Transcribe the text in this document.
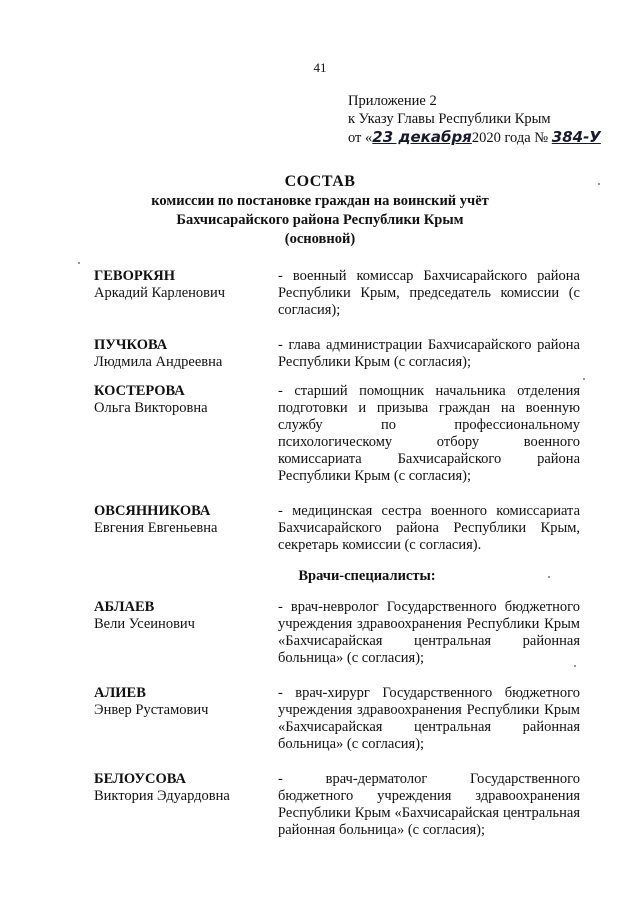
41
Приложение 2
к Указу Главы Республики Крым
от «23 декабря2020 года № 384-У
СОСТАВ
комиссии по постановке граждан на воинский учёт
Бахчисарайского района Республики Крым
(основной)
ГЕВОРКЯН
Аркадий Карленович
- военный комиссар Бахчисарайского района Республики Крым, председатель комиссии (с согласия);
ПУЧКОВА
Людмила Андреевна
- глава администрации Бахчисарайского района Республики Крым (с согласия);
КОСТЕРОВА
Ольга Викторовна
- старший помощник начальника отделения подготовки и призыва граждан на военную службу по профессиональному психологическому отбору военного комиссариата Бахчисарайского района Республики Крым (с согласия);
ОВСЯННИКОВА
Евгения Евгеньевна
- медицинская сестра военного комиссариата Бахчисарайского района Республики Крым, секретарь комиссии (с согласия).
Врачи-специалисты:
АБЛАЕВ
Вели Усеинович
- врач-невролог Государственного бюджетного учреждения здравоохранения Республики Крым «Бахчисарайская центральная районная больница» (с согласия);
АЛИЕВ
Энвер Рустамович
- врач-хирург Государственного бюджетного учреждения здравоохранения Республики Крым «Бахчисарайская центральная районная больница» (с согласия);
БЕЛОУСОВА
Виктория Эдуардовна
- врач-дерматолог Государственного бюджетного учреждения здравоохранения Республики Крым «Бахчисарайская центральная районная больница» (с согласия);
